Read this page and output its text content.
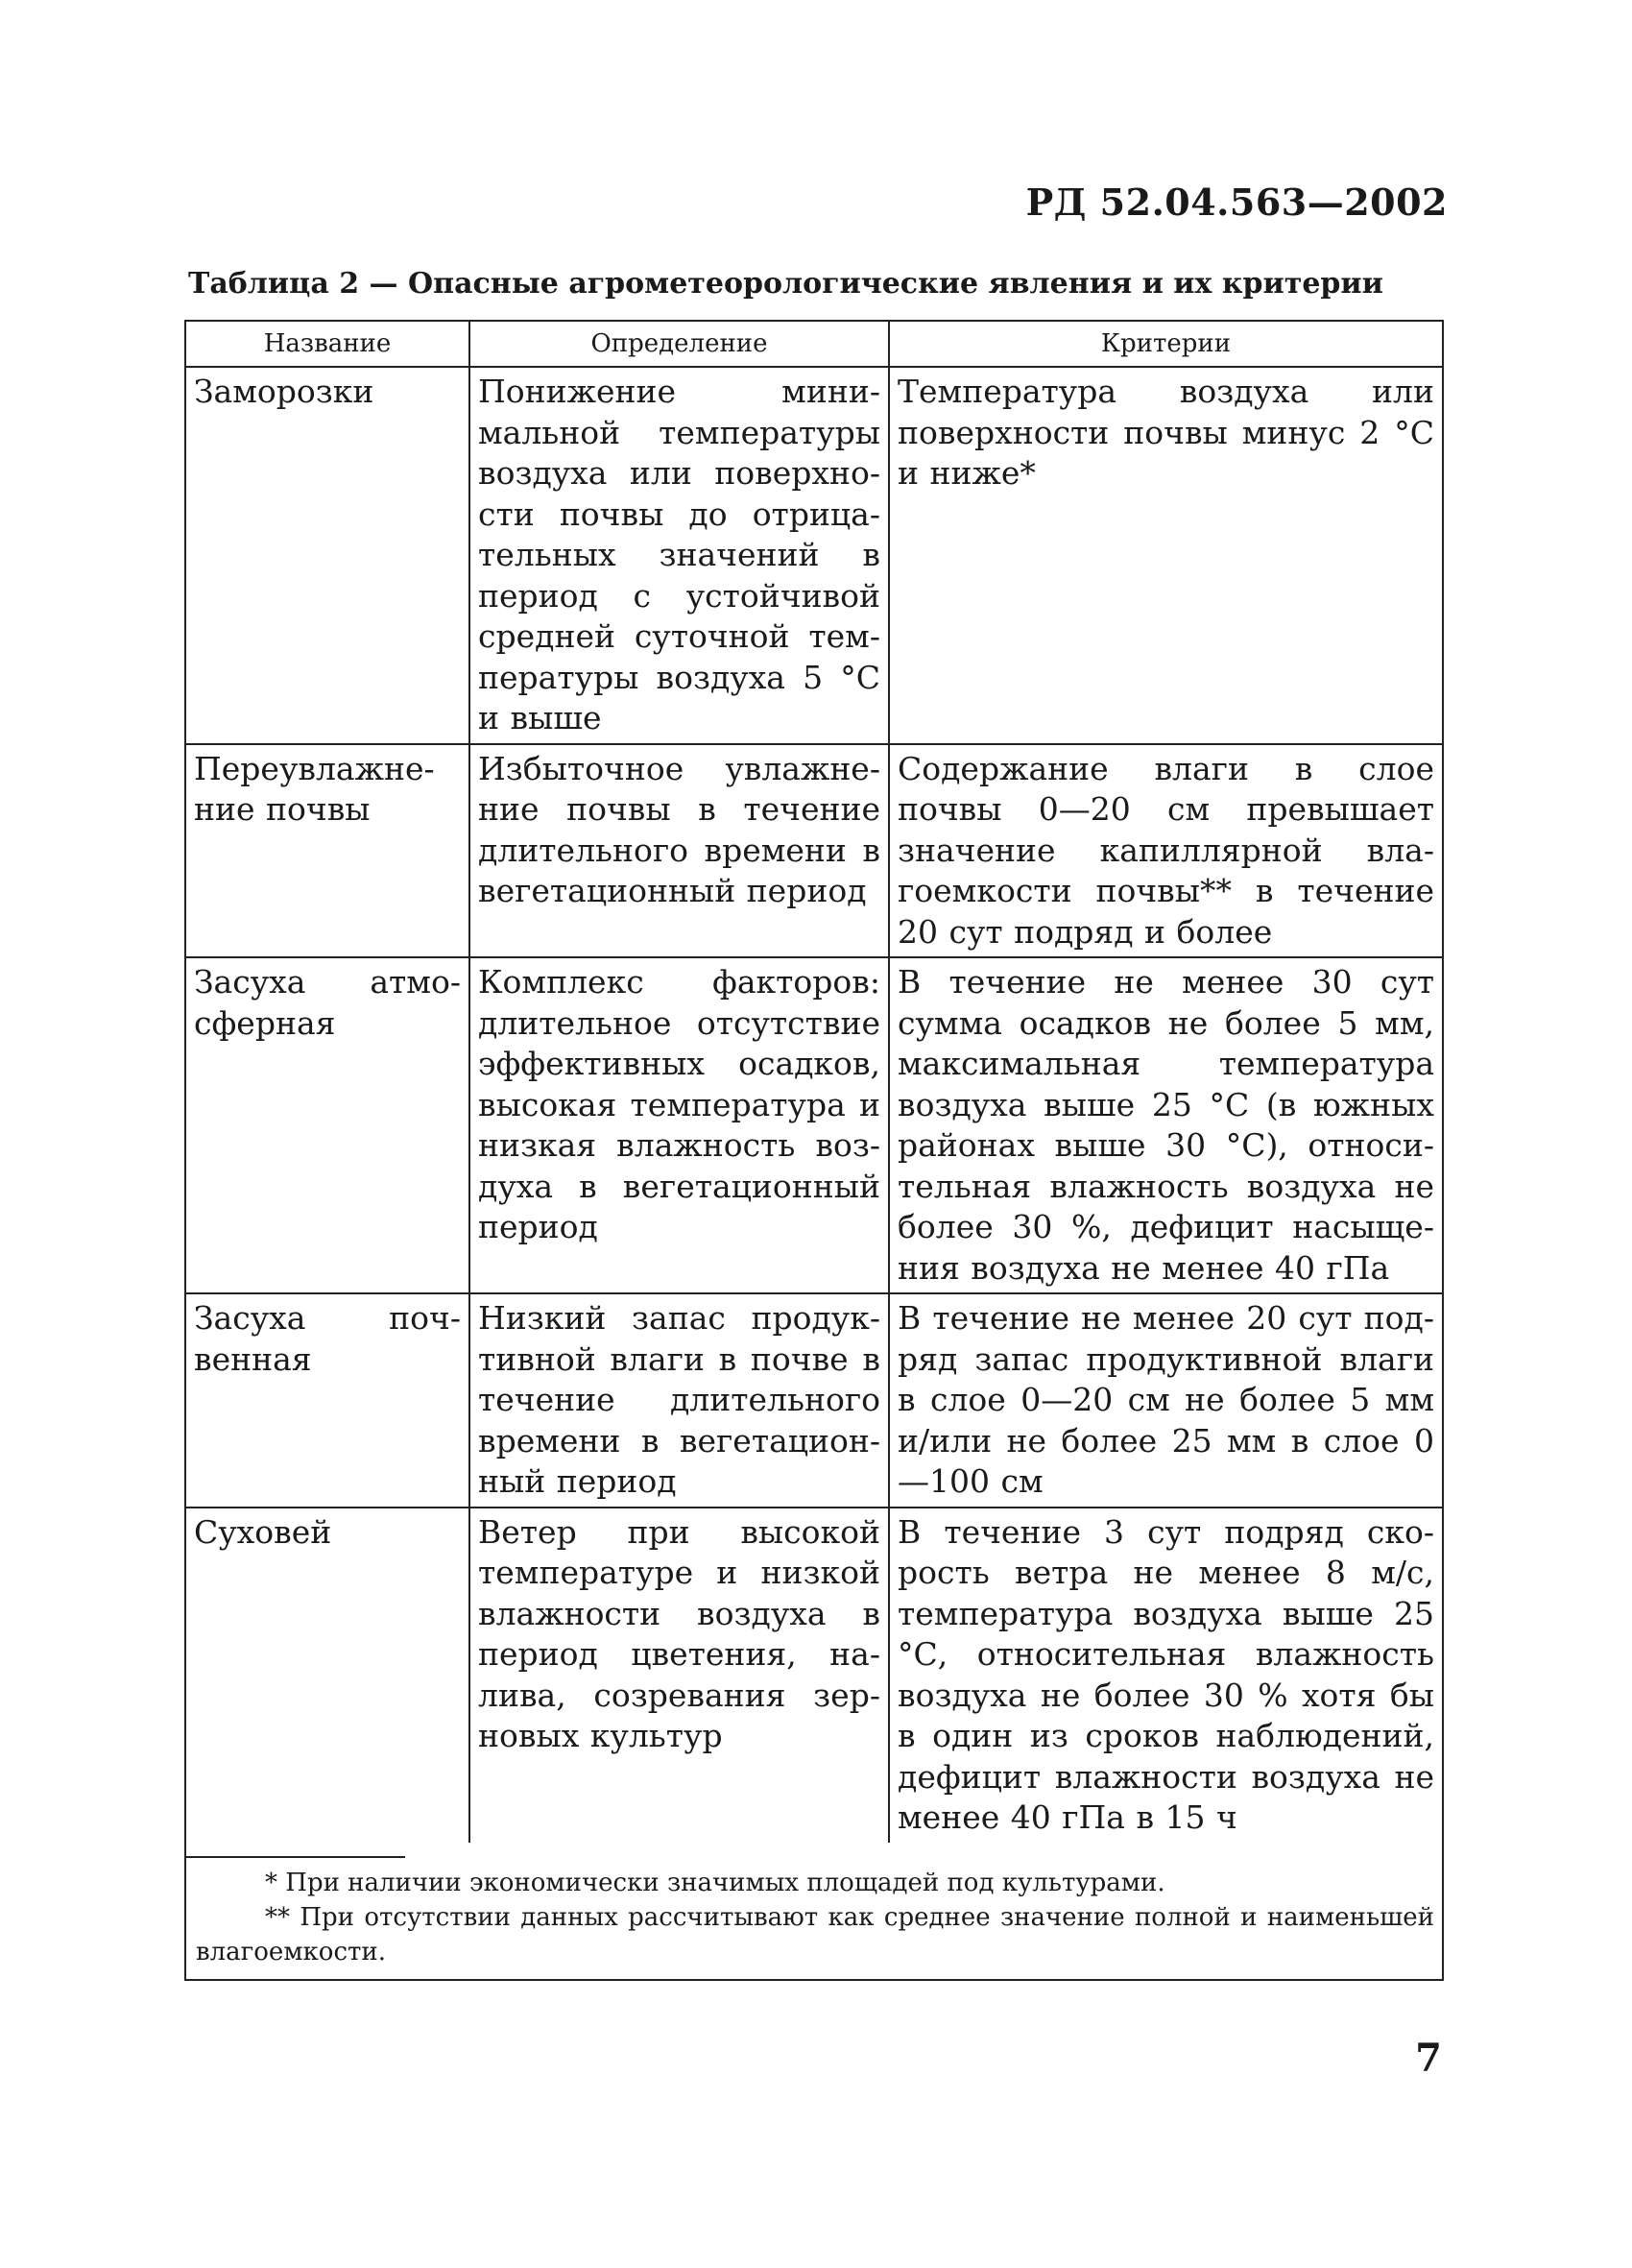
РД 52.04.563—2002
Таблица 2 — Опасные агрометеорологические явления и их критерии
Название	Определение	Критерии
Заморозки	Понижение минимальной температуры воздуха или поверхности почвы до отрицательных значений в период с устойчивой средней суточной температуры воздуха 5 °С и выше	Температура воздуха или поверхности почвы минус 2 °С и ниже*
Переувлажнение почвы	Избыточное увлажнение почвы в течение длительного времени в вегетационный период	Содержание влаги в слое почвы 0—20 см превышает значение капиллярной влагоемкости почвы** в течение 20 сут подряд и более
Засуха атмосферная	Комплекс факторов: длительное отсутствие эффективных осадков, высокая температура и низкая влажность воздуха в вегетационный период	В течение не менее 30 сут сумма осадков не более 5 мм, максимальная температура воздуха выше 25 °С (в южных районах выше 30 °С), относительная влажность воздуха не более 30 %, дефицит насыщения воздуха не менее 40 гПа
Засуха почвенная	Низкий запас продуктивной влаги в почве в течение длительного времени в вегетационный период	В течение не менее 20 сут подряд запас продуктивной влаги в слое 0—20 см не более 5 мм и/или не более 25 мм в слое 0—100 см
Суховей	Ветер при высокой температуре и низкой влажности воздуха в период цветения, налива, созревания зерновых культур	В течение 3 сут подряд скорость ветра не менее 8 м/с, температура воздуха выше 25 °С, относительная влажность воздуха не более 30 % хотя бы в один из сроков наблюдений, дефицит влажности воздуха не менее 40 гПа в 15 ч
* При наличии экономически значимых площадей под культурами.
** При отсутствии данных рассчитывают как среднее значение полной и наименьшей влагоемкости.
7
